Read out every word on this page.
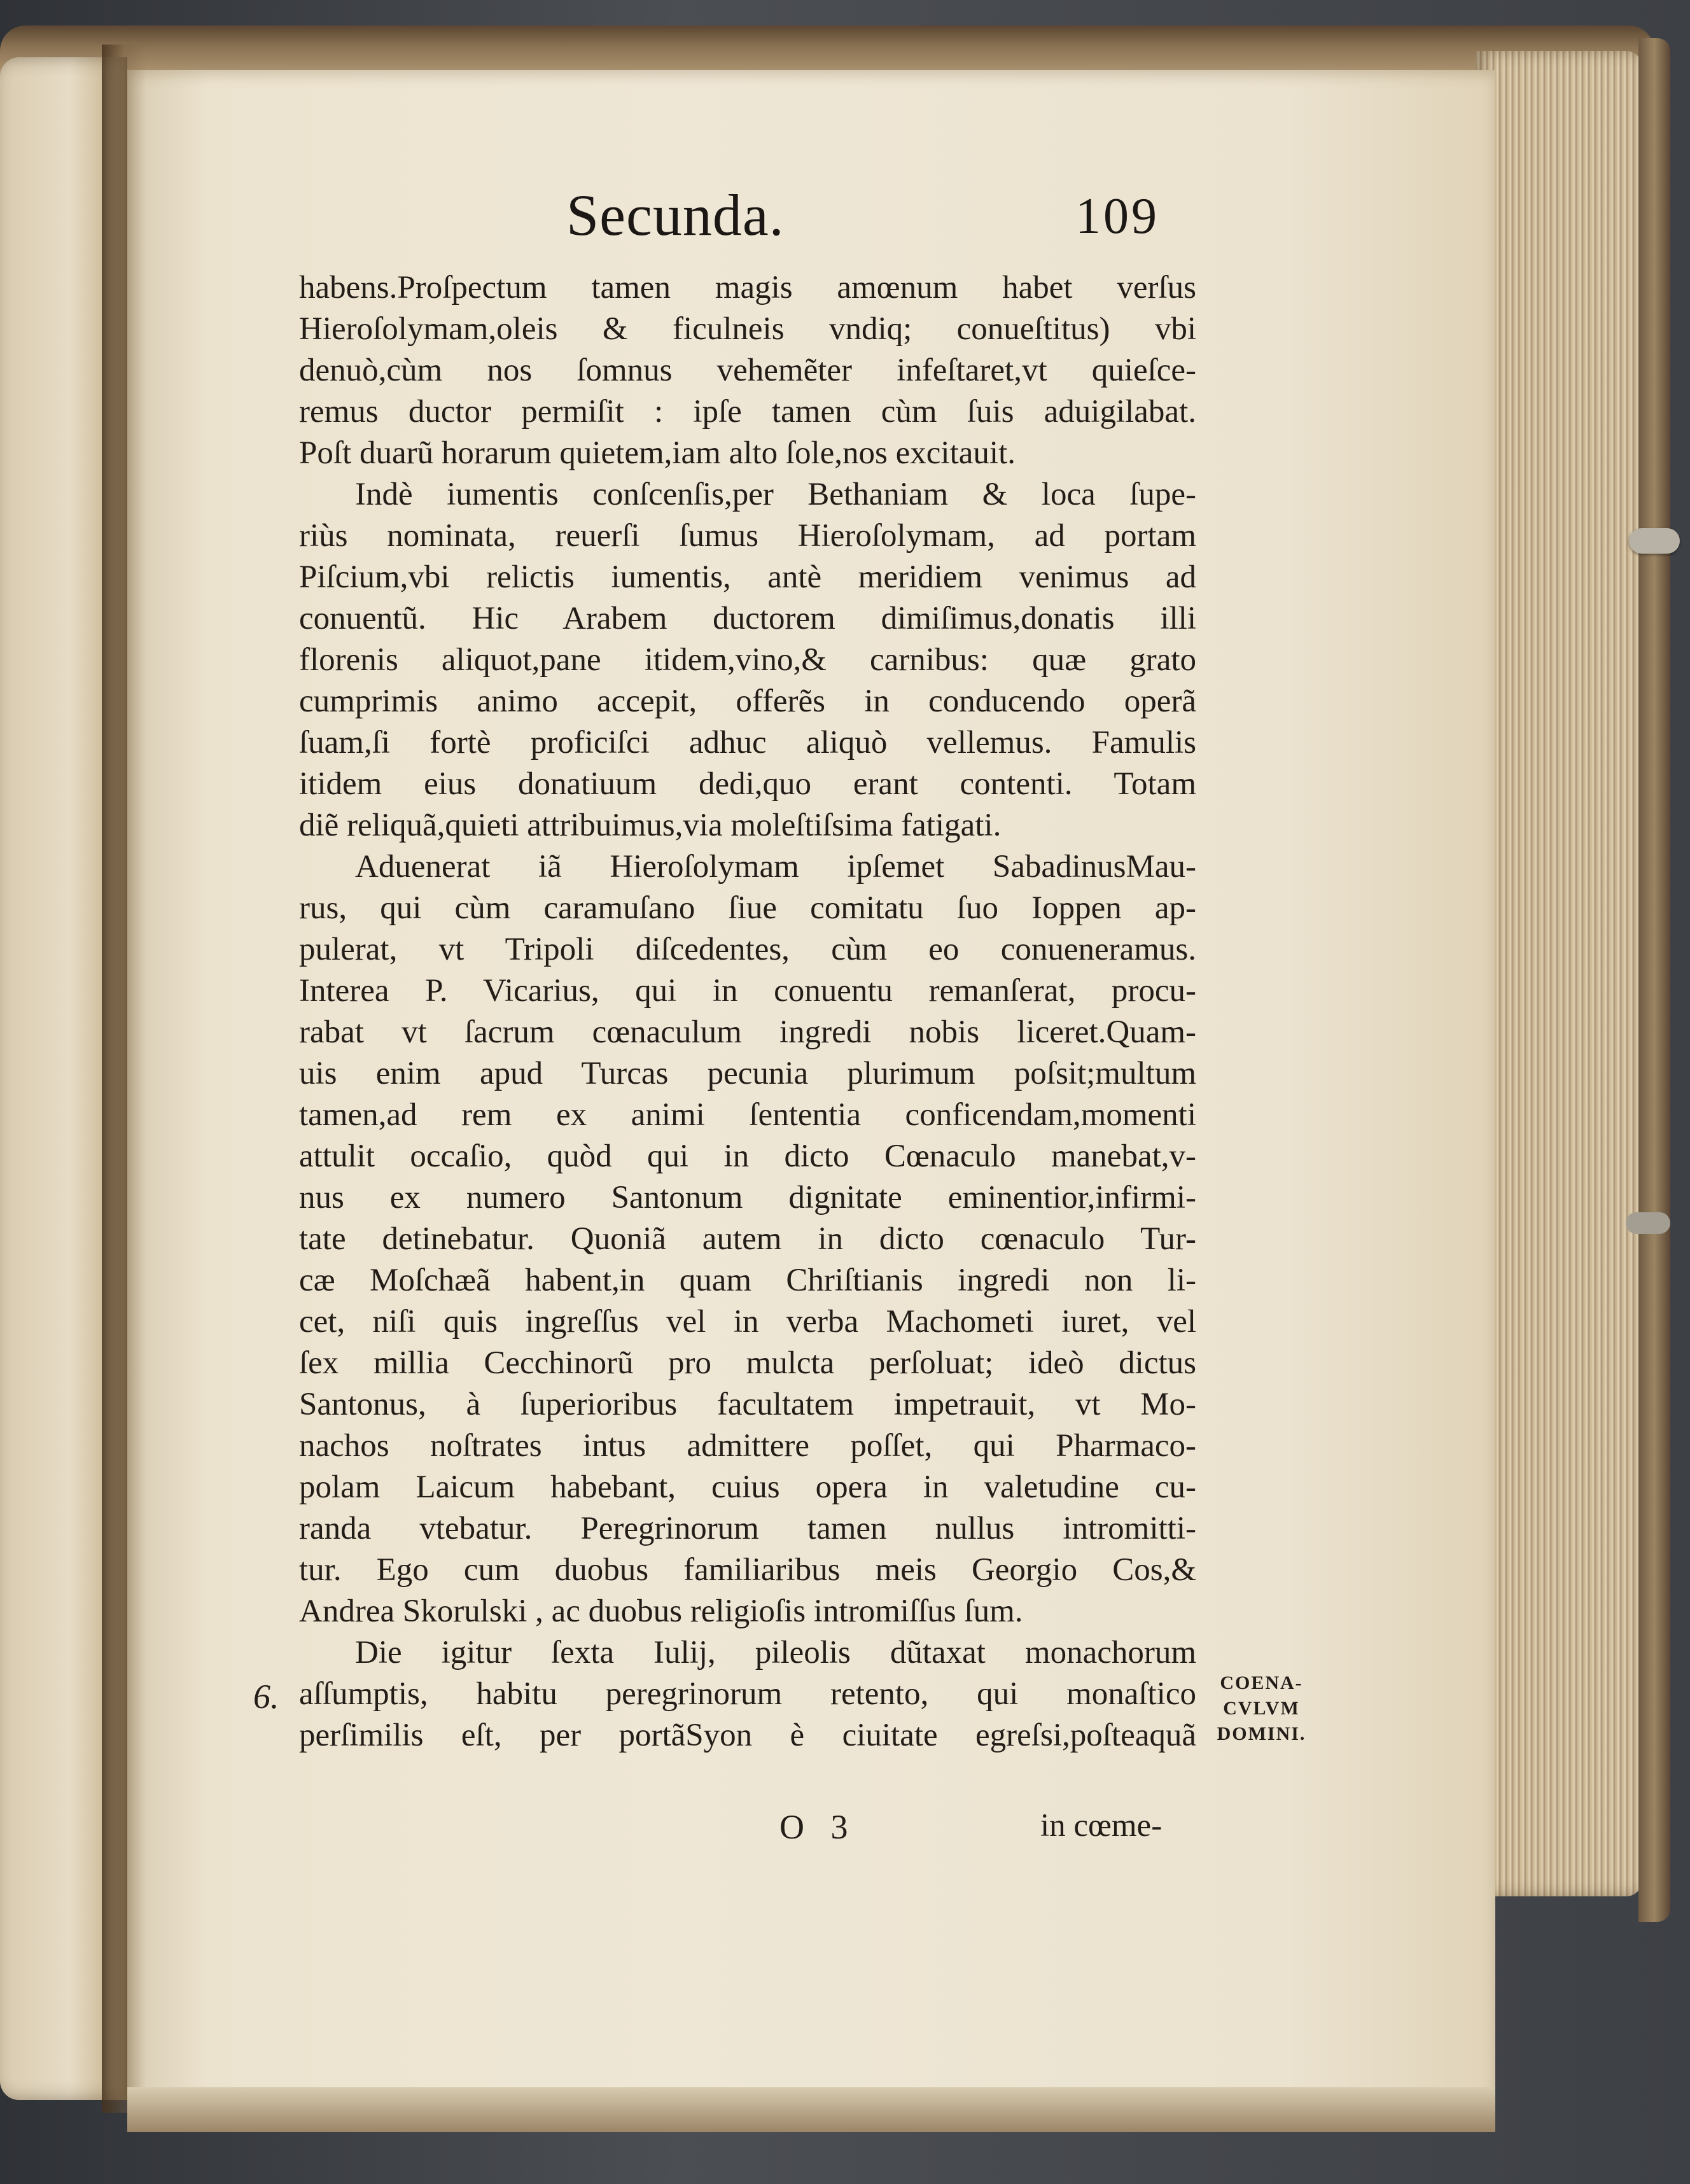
Secunda.	109
habens.Proſpectum tamen magis amœnum habet verſus
Hieroſolymam,oleis & ficulneis vndiq; conueſtitus) vbi
denuò,cùm nos ſomnus vehemẽter infeſtaret,vt quieſce-
remus ductor permiſit : ipſe tamen cùm ſuis aduigilabat.
Poſt duarũ horarum quietem,iam alto ſole,nos excitauit.
Indè iumentis conſcenſis,per Bethaniam & loca ſupe-
riùs nominata, reuerſi ſumus Hieroſolymam, ad portam
Piſcium,vbi relictis iumentis, antè meridiem venimus ad
conuentũ. Hic Arabem ductorem dimiſimus,donatis illi
florenis aliquot,pane itidem,vino,& carnibus: quæ grato
cumprimis animo accepit, offerẽs in conducendo operã
ſuam,ſi fortè proficiſci adhuc aliquò vellemus. Famulis
itidem eius donatiuum dedi,quo erant contenti. Totam
diẽ reliquã,quieti attribuimus,via moleſtiſsima fatigati.
Aduenerat iã Hieroſolymam ipſemet SabadinusMau-
rus, qui cùm caramuſano ſiue comitatu ſuo Ioppen ap-
pulerat, vt Tripoli diſcedentes, cùm eo conueneramus.
Interea P. Vicarius, qui in conuentu remanſerat, procu-
rabat vt ſacrum cœnaculum ingredi nobis liceret.Quam-
uis enim apud Turcas pecunia plurimum poſsit;multum
tamen,ad rem ex animi ſententia conficendam,momenti
attulit occaſio, quòd qui in dicto Cœnaculo manebat,v-
nus ex numero Santonum dignitate eminentior,infirmi-
tate detinebatur. Quoniã autem in dicto cœnaculo Tur-
cæ Moſchæã habent,in quam Chriſtianis ingredi non li-
cet, niſi quis ingreſſus vel in verba Machometi iuret, vel
ſex millia Cecchinorũ pro mulcta perſoluat; ideò dictus
Santonus, à ſuperioribus facultatem impetrauit, vt Mo-
nachos noſtrates intus admittere poſſet, qui Pharmaco-
polam Laicum habebant, cuius opera in valetudine cu-
randa vtebatur. Peregrinorum tamen nullus intromitti-
tur. Ego cum duobus familiaribus meis Georgio Cos,&
Andrea Skorulski , ac duobus religioſis intromiſſus ſum.
Die igitur ſexta Iulij, pileolis dũtaxat monachorum
aſſumptis, habitu peregrinorum retento, qui monaſtico
perſimilis eſt, per portãSyon è ciuitate egreſsi,poſteaquã
6.	COENA-
CVLVM
DOMINI.
O 3	in cœme-
